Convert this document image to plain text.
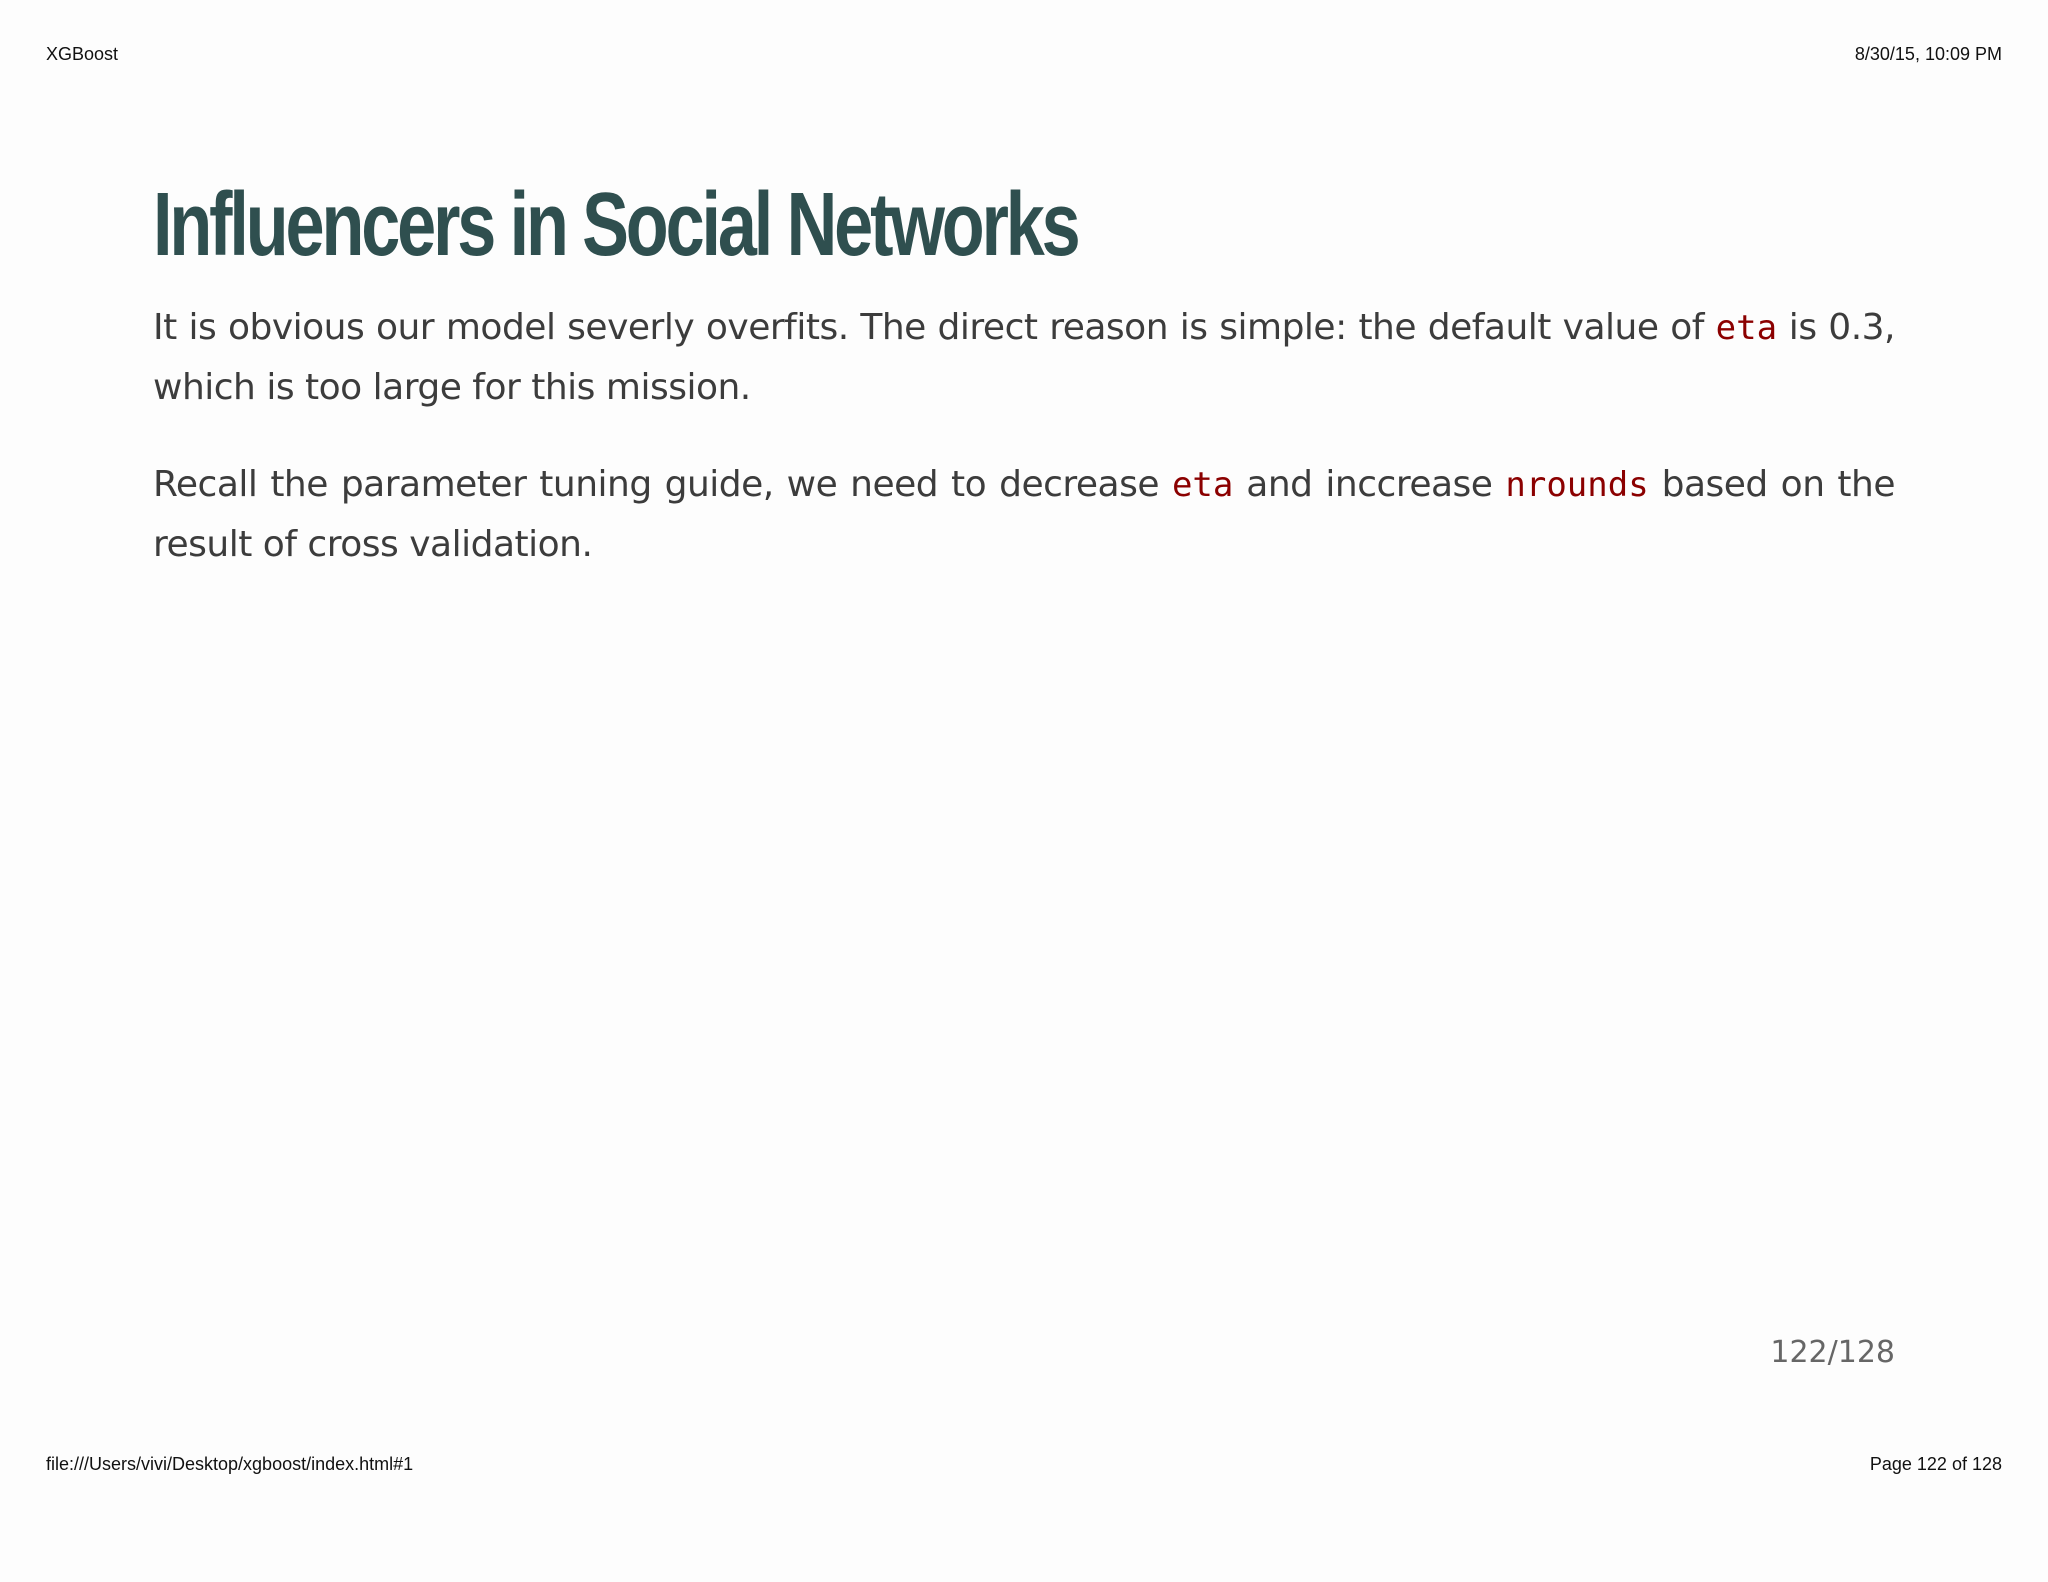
XGBoost	8/30/15, 10:09 PM
Influencers in Social Networks

It is obvious our model severly overfits. The direct reason is simple: the default value of eta is 0.3, which is too large for this mission.

Recall the parameter tuning guide, we need to decrease eta and inccrease nrounds based on the result of cross validation.

122/128
file:///Users/vivi/Desktop/xgboost/index.html#1	Page 122 of 128
